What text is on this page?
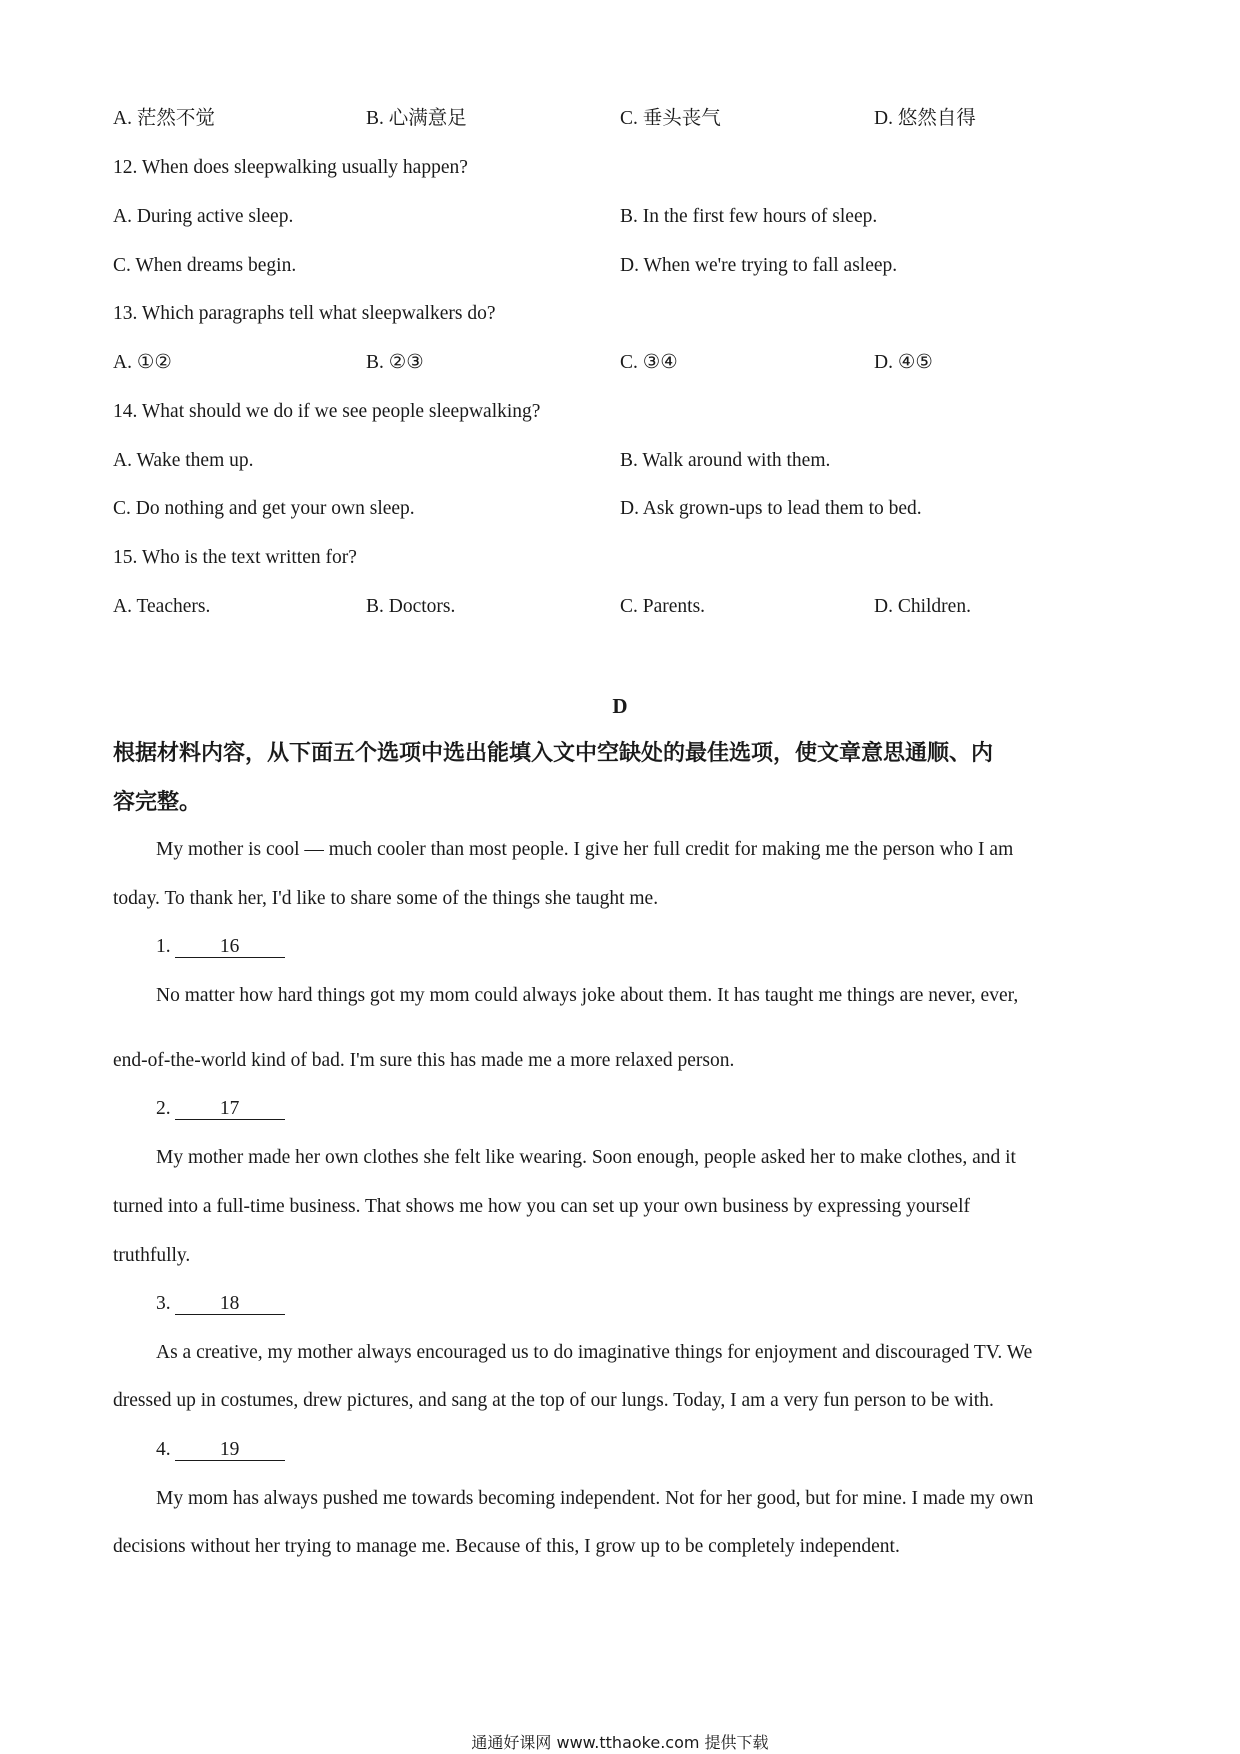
A. 茫然不觉	B. 心满意足	C. 垂头丧气	D. 悠然自得
12. When does sleepwalking usually happen?
A. During active sleep.	B. In the first few hours of sleep.
C. When dreams begin.	D. When we're trying to fall asleep.
13. Which paragraphs tell what sleepwalkers do?
A. ①②	B. ②③	C. ③④	D. ④⑤
14. What should we do if we see people sleepwalking?
A. Wake them up.	B. Walk around with them.
C. Do nothing and get your own sleep.	D. Ask grown-ups to lead them to bed.
15. Who is the text written for?
A. Teachers.	B. Doctors.	C. Parents.	D. Children.
D
根据材料内容，从下面五个选项中选出能填入文中空缺处的最佳选项，使文章意思通顺、内
容完整。
My mother is cool — much cooler than most people. I give her full credit for making me the person who I am
today. To thank her, I'd like to share some of the things she taught me.
1.	16
No matter how hard things got my mom could always joke about them. It has taught me things are never, ever,
end-of-the-world kind of bad. I'm sure this has made me a more relaxed person.
2.	17
My mother made her own clothes she felt like wearing. Soon enough, people asked her to make clothes, and it
turned into a full-time business. That shows me how you can set up your own business by expressing yourself
truthfully.
3.	18
As a creative, my mother always encouraged us to do imaginative things for enjoyment and discouraged TV. We
dressed up in costumes, drew pictures, and sang at the top of our lungs. Today, I am a very fun person to be with.
4.	19
My mom has always pushed me towards becoming independent. Not for her good, but for mine. I made my own
decisions without her trying to manage me. Because of this, I grow up to be completely independent.
通通好课网 www.tthaoke.com 提供下载
